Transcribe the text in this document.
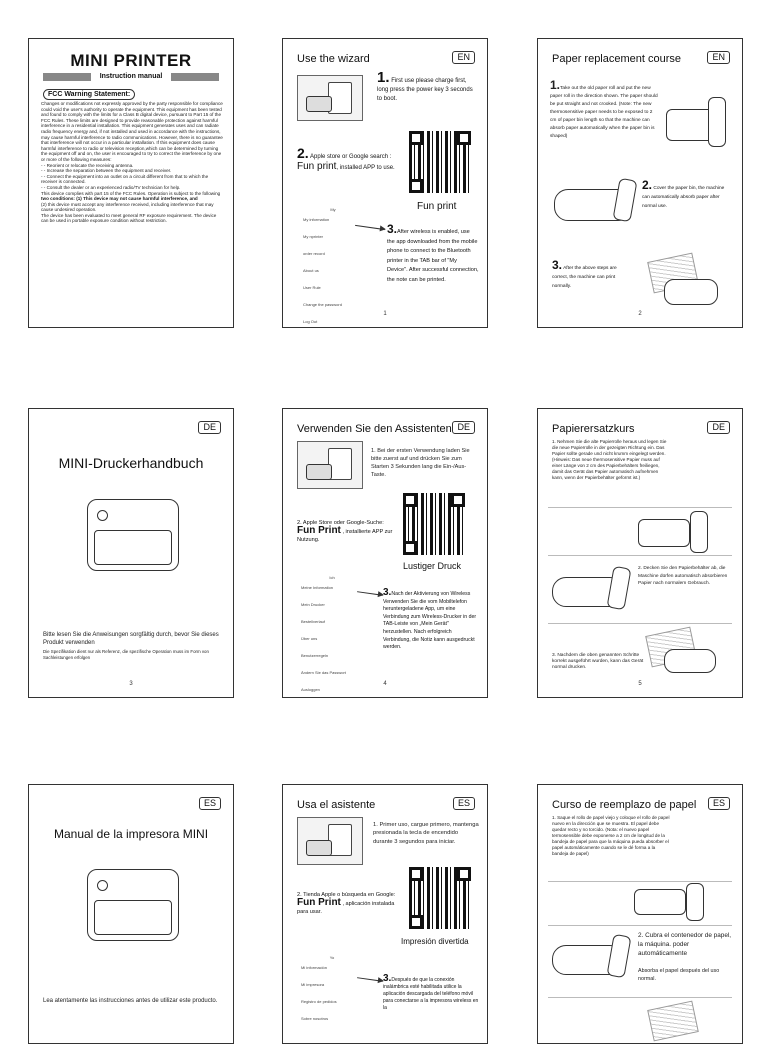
MINI PRINTER
Instruction manual
FCC Warning Statement:
Changes or modifications not expressly approved by the party responsible for compliance could void the user's authority to operate the equipment. This equipment has been tested and found to comply with the limits for a Class B digital device, pursuant to Part 15 of the FCC Rules. These limits are designed to provide reasonable protection against harmful interference in a residential installation. This equipment generates uses and can radiate radio frequency energy and, if not installed and used in accordance with the instructions, may cause harmful interference to radio communications. However, there is no guarantee that interference will not occur in a particular installation. If this equipment does cause harmful interference to radio or television reception,which can be determined by turning the equipment off and on, the user is encouraged to try to correct the interference by one or more of the following measures:
- - Reorient or relocate the receiving antenna.
- - Increase the separation between the equipment and receiver.
- - Connect the equipment into an outlet on a circuit different from that to which the receiver is connected.
- - Consult the dealer or an experienced radio/TV technician for help.
This device complies with part 15 of the FCC Rules. Operation is subject to the following
two conditions: (1) This device may not cause harmful interference, and
(2) this device must accept any interference received, including interference that may cause undesired operation.
The device has been evaluated to meet general RF exposure requirement. The device can be used in portable exposure condition without restriction.
Use the wizard	EN
1. First use please charge first, long press the power key 3 seconds to boot.
2. Apple store or Google search :
Fun print, installed APP to use.
Fun print
My
My information
My nprinter
order record
About us
User Rule
Change the password
Log Out
3.After wireless is enabled, use the app downloaded from the mobile phone to connect to the Bluetooth printer in the TAB bar of "My Device". After successful connection, the note can be printed.
1
Paper replacement course	EN
1.Take out the old paper roll and put the new paper roll in the direction shown. The paper should be put straight and not crooked. (Note: The new thermosensitive paper needs to be exposed to 2 cm of paper bin length so that the machine can absorb paper automatically when the paper bin is shaped)
2. Cover the paper bin, the machine can automatically absorb paper after normal use.
3. After the above steps are correct, the machine can print normally.
2
DE
MINI-Druckerhandbuch
Bitte lesen Sie die Anweisungen sorgfältig durch, bevor Sie dieses Produkt verwenden
Die Spezifikation dient nur als Referenz, die spezifische Operation muss im Form von Sachleistungen erfolgen
3
Verwenden Sie den Assistenten DE
1. Bei der ersten Verwendung laden Sie bitte zuerst auf und drücken Sie zum Starten 3 Sekunden lang die Ein-/Aus-Taste.
2. Apple Store oder Google-Suche:
Fun Print , installierte APP zur Nutzung.
Lustiger Druck
Ich
Meine Information
Mein Drucker
Bestellverlauf
Über uns
Benutzerregeln
Ändern Sie das Passwort
Ausloggen
3.Nach der Aktivierung von Wireless Verwenden Sie die vom Mobiltelefon heruntergeladene App, um eine Verbindung zum Wireless-Drucker in der TAB-Leiste von „Mein Gerät" herzustellen. Nach erfolgreich Verbindung, die Notiz kann ausgedruckt werden.
4
Papierersatzkurs	DE
1. Nehmen Sie die alte Papierrolle heraus und legen Sie die neue Papierrolle in der gezeigten Richtung ein. Das Papier sollte gerade und nicht krumm eingelegt werden. (Hinweis: Das neue thermosensitive Papier muss auf einer Länge von 2 cm des Papierbehälters freiliegen, damit das Gerät das Papier automatisch aufnehmen kann, wenn der Papierbehälter geformt ist.)
2. Decken Sie den Papierbehälter ab, die Maschine dürfen automatisch absorbieren Papier nach normalem Gebrauch.
3. Nachdem die oben genannten Schritte korrekt ausgeführt wurden, kann das Gerät normal drucken.
5
ES
Manual de la impresora MINI
Lea atentamente las instrucciones antes de utilizar este producto.
Usa el asistente	ES
1. Primer uso, cargue primero, mantenga presionada la tecla de encendido durante 3 segundos para iniciar.
2. Tienda Apple o búsqueda en Google:
Fun Print , aplicación instalada para usar.
Impresión divertida
Yo
Mi información
Mi impresora
Registro de pedidos
Sobre nosotros
3.Después de que la conexión inalámbrica esté habilitada utilice la aplicación descargada del teléfono móvil para conectarse a la impresora wireless en la
Curso de reemplazo de papel	ES
1. Saque el rollo de papel viejo y coloque el rollo de papel nuevo en la dirección que se muestra. El papel debe quedar recto y no torcido. (Nota: el nuevo papel termosensible debe exponerse a 2 cm de longitud de la bandeja de papel para que la máquina pueda absorber el papel automáticamente cuando se le dé forma a la bandeja de papel)
2. Cubra el contenedor de papel, la máquina. poder automáticamente
Absorba el papel después del uso normal.
